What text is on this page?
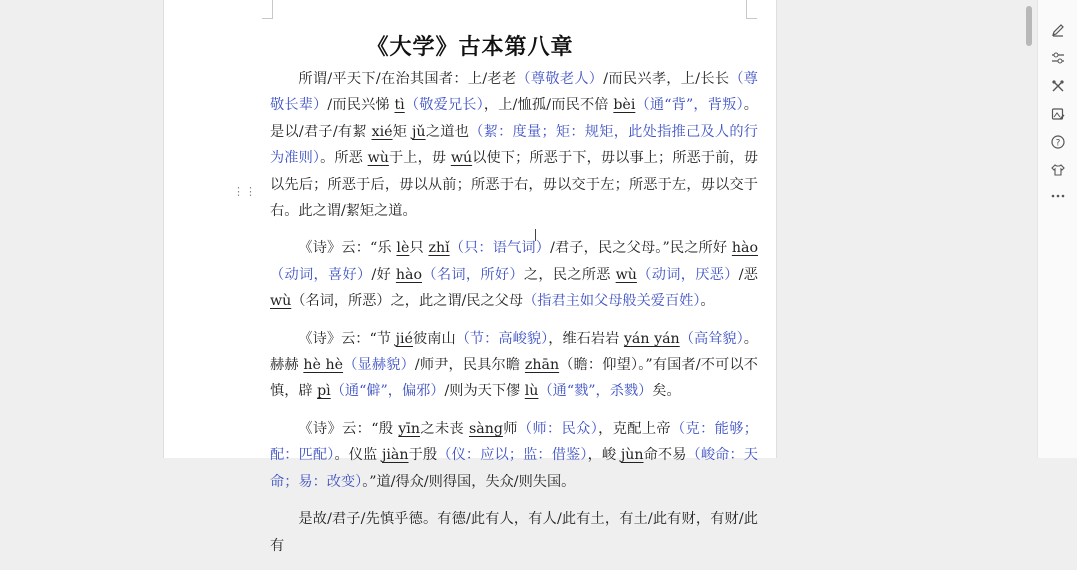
《大学》古本第八章

所谓/平天下/在治其国者：上/老老（尊敬老人）/而民兴孝，上/长长（尊敬长辈）/而民兴悌 tì（敬爱兄长），上/恤孤/而民不倍 bèi（通“背”，背叛）。是以/君子/有絜 xié矩 jǔ之道也（絜：度量；矩：规矩，此处指推己及人的行为准则）。所恶 wù于上，毋 wú以使下；所恶于下，毋以事上；所恶于前，毋以先后；所恶于后，毋以从前；所恶于右，毋以交于左；所恶于左，毋以交于右。此之谓/絜矩之道。

《诗》云：“乐 lè只 zhǐ（只：语气词）/君子，民之父母。”民之所好 hào（动词，喜好）/好 hào（名词，所好）之，民之所恶 wù（动词，厌恶）/恶 wù（名词，所恶）之，此之谓/民之父母（指君主如父母般关爱百姓）。

《诗》云：“节 jié彼南山（节：高峻貌），维石岩岩 yán yán（高耸貌）。赫赫 hè hè（显赫貌）/师尹，民具尔瞻 zhān（瞻：仰望）。”有国者/不可以不慎，辟 pì（通“僻”，偏邪）/则为天下僇 lù（通“戮”，杀戮）矣。

《诗》云：“殷 yīn之未丧 sàng师（师：民众），克配上帝（克：能够；配：匹配）。仪监 jiàn于殷（仪：应以；监：借鉴），峻 jùn命不易（峻命：天命；易：改变）。”道/得众/则得国，失众/则失国。

是故/君子/先慎乎德。有德/此有人，有人/此有土，有土/此有财，有财/此有

⋮⋮
?
